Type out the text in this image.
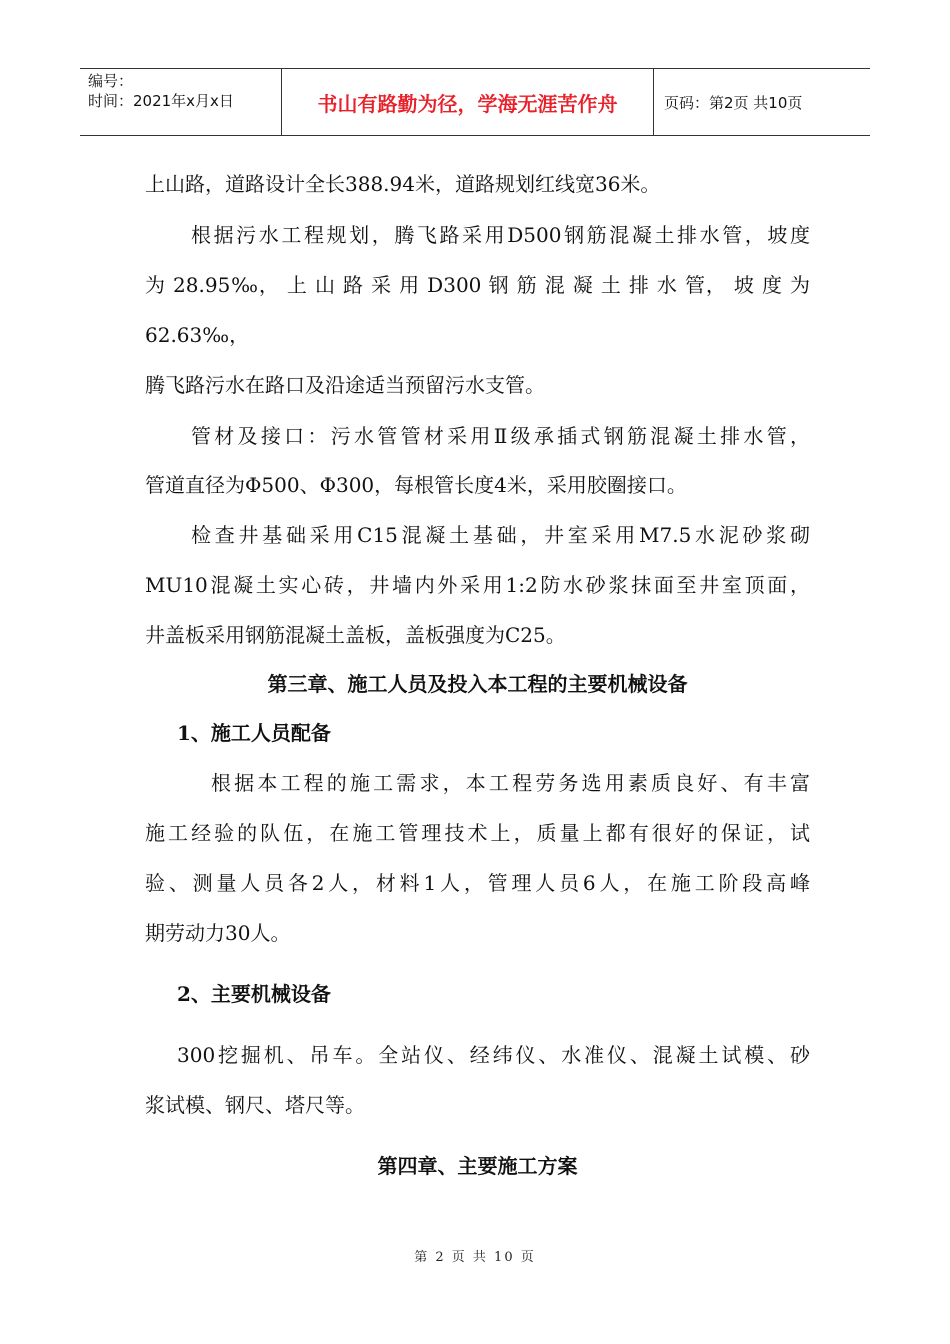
编号：
时间：2021年x月x日	书山有路勤为径，学海无涯苦作舟	页码：第2页 共10页
上山路，道路设计全长388.94米，道路规划红线宽36米。
根据污水工程规划，腾飞路采用D500钢筋混凝土排水管，坡度
为 28.95‰， 上 山 路 采 用 D300 钢 筋 混 凝 土 排 水 管， 坡 度 为
62.63‰，
腾飞路污水在路口及沿途适当预留污水支管。
管材及接口：污水管管材采用Ⅱ级承插式钢筋混凝土排水管，
管道直径为Φ500、Φ300，每根管长度4米，采用胶圈接口。
检查井基础采用C15混凝土基础，井室采用M7.5水泥砂浆砌
MU10混凝土实心砖，井墙内外采用1:2防水砂浆抹面至井室顶面，
井盖板采用钢筋混凝土盖板，盖板强度为C25。
第三章、施工人员及投入本工程的主要机械设备
1、施工人员配备
根据本工程的施工需求，本工程劳务选用素质良好、有丰富
施工经验的队伍，在施工管理技术上，质量上都有很好的保证，试
验、测量人员各2人，材料1人，管理人员6人，在施工阶段高峰
期劳动力30人。
2、主要机械设备
300挖掘机、吊车。全站仪、经纬仪、水准仪、混凝土试模、砂
浆试模、钢尺、塔尺等。
第四章、主要施工方案
第 2 页 共 10 页
